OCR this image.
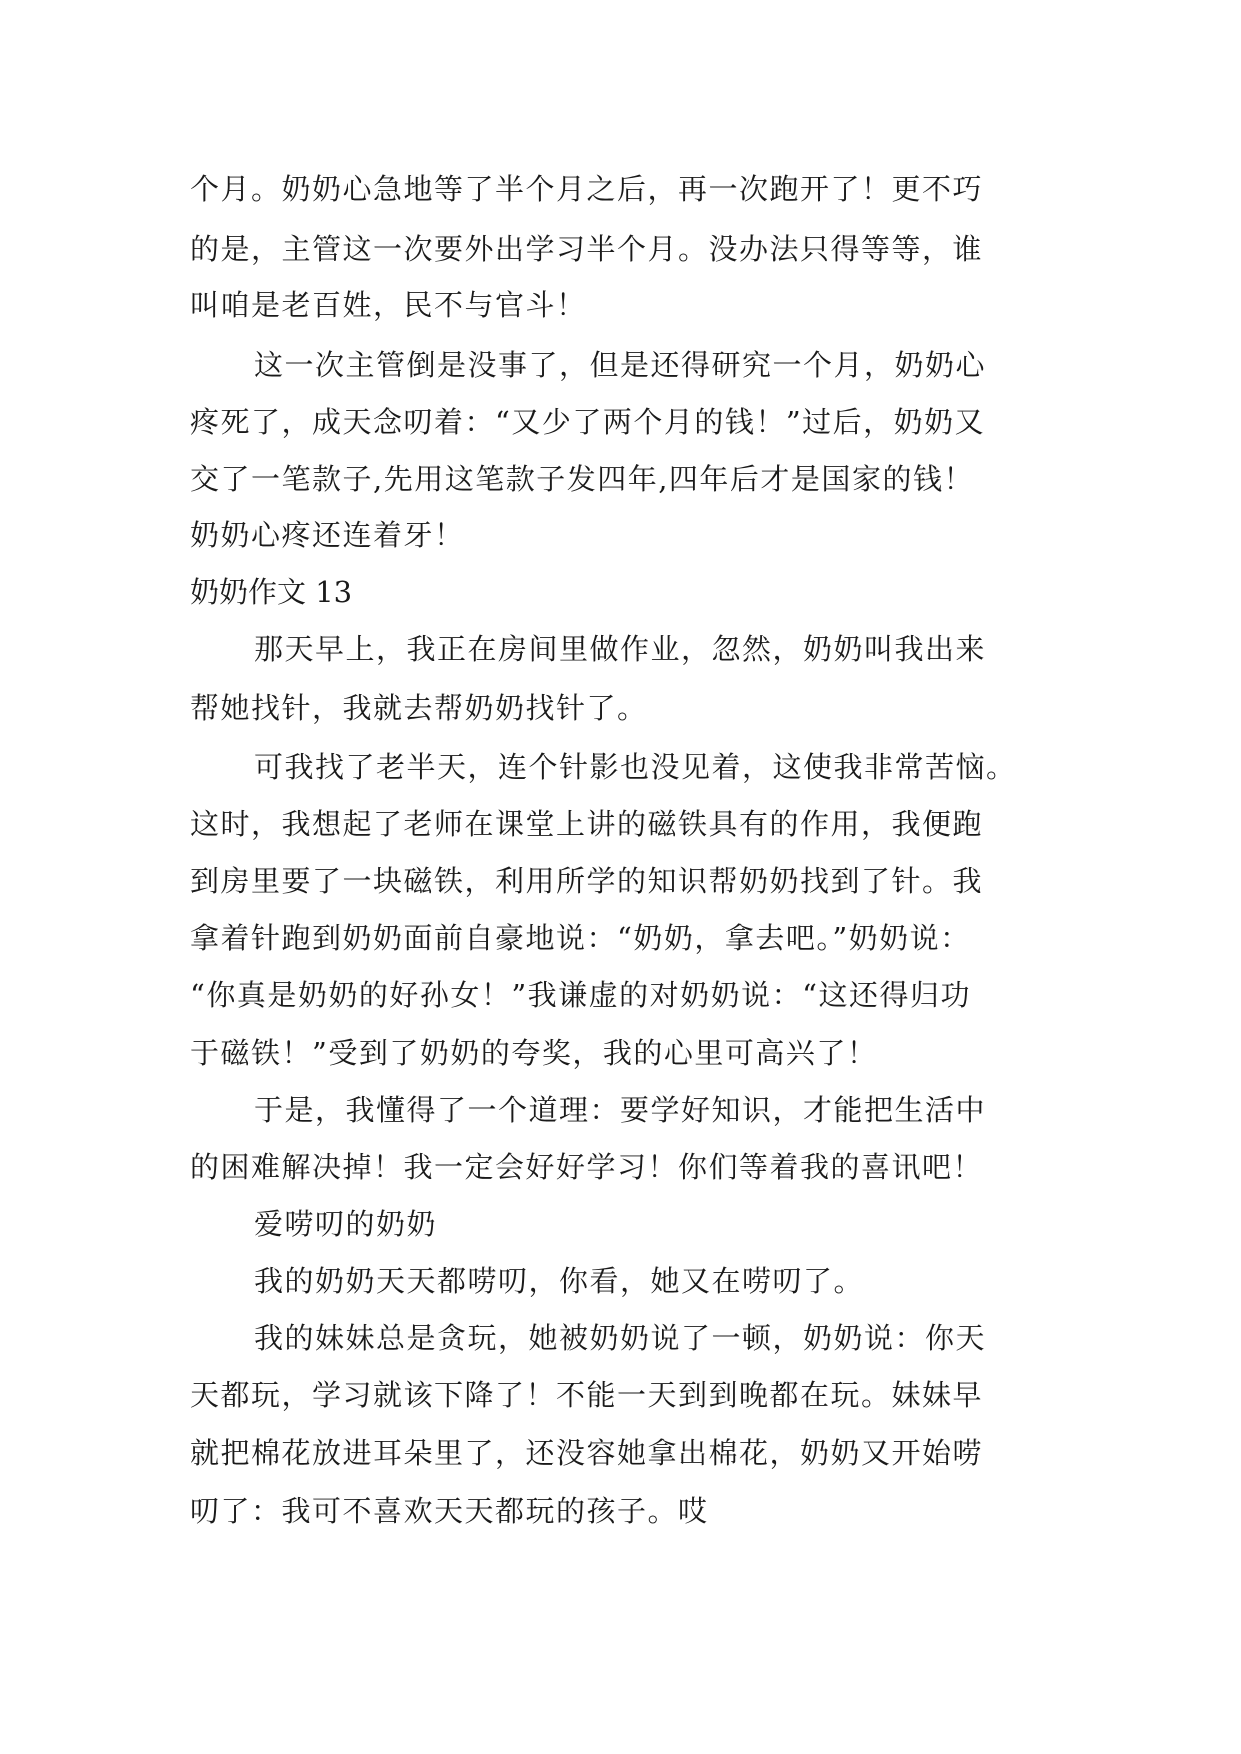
个月。奶奶心急地等了半个月之后，再一次跑开了！更不巧
的是，主管这一次要外出学习半个月。没办法只得等等，谁
叫咱是老百姓，民不与官斗！
这一次主管倒是没事了，但是还得研究一个月，奶奶心
疼死了，成天念叨着：“又少了两个月的钱！”过后，奶奶又
交了一笔款子,先用这笔款子发四年,四年后才是国家的钱！
奶奶心疼还连着牙！
奶奶作文 13
那天早上，我正在房间里做作业，忽然，奶奶叫我出来
帮她找针，我就去帮奶奶找针了。
可我找了老半天，连个针影也没见着，这使我非常苦恼。
这时，我想起了老师在课堂上讲的磁铁具有的作用，我便跑
到房里要了一块磁铁，利用所学的知识帮奶奶找到了针。我
拿着针跑到奶奶面前自豪地说：“奶奶，拿去吧。”奶奶说：
“你真是奶奶的好孙女！”我谦虚的对奶奶说：“这还得归功
于磁铁！”受到了奶奶的夸奖，我的心里可高兴了！
于是，我懂得了一个道理：要学好知识，才能把生活中
的困难解决掉！我一定会好好学习！你们等着我的喜讯吧！
爱唠叨的奶奶
我的奶奶天天都唠叨，你看，她又在唠叨了。
我的妹妹总是贪玩，她被奶奶说了一顿，奶奶说：你天
天都玩，学习就该下降了！不能一天到到晚都在玩。妹妹早
就把棉花放进耳朵里了，还没容她拿出棉花，奶奶又开始唠
叨了：我可不喜欢天天都玩的孩子。哎
